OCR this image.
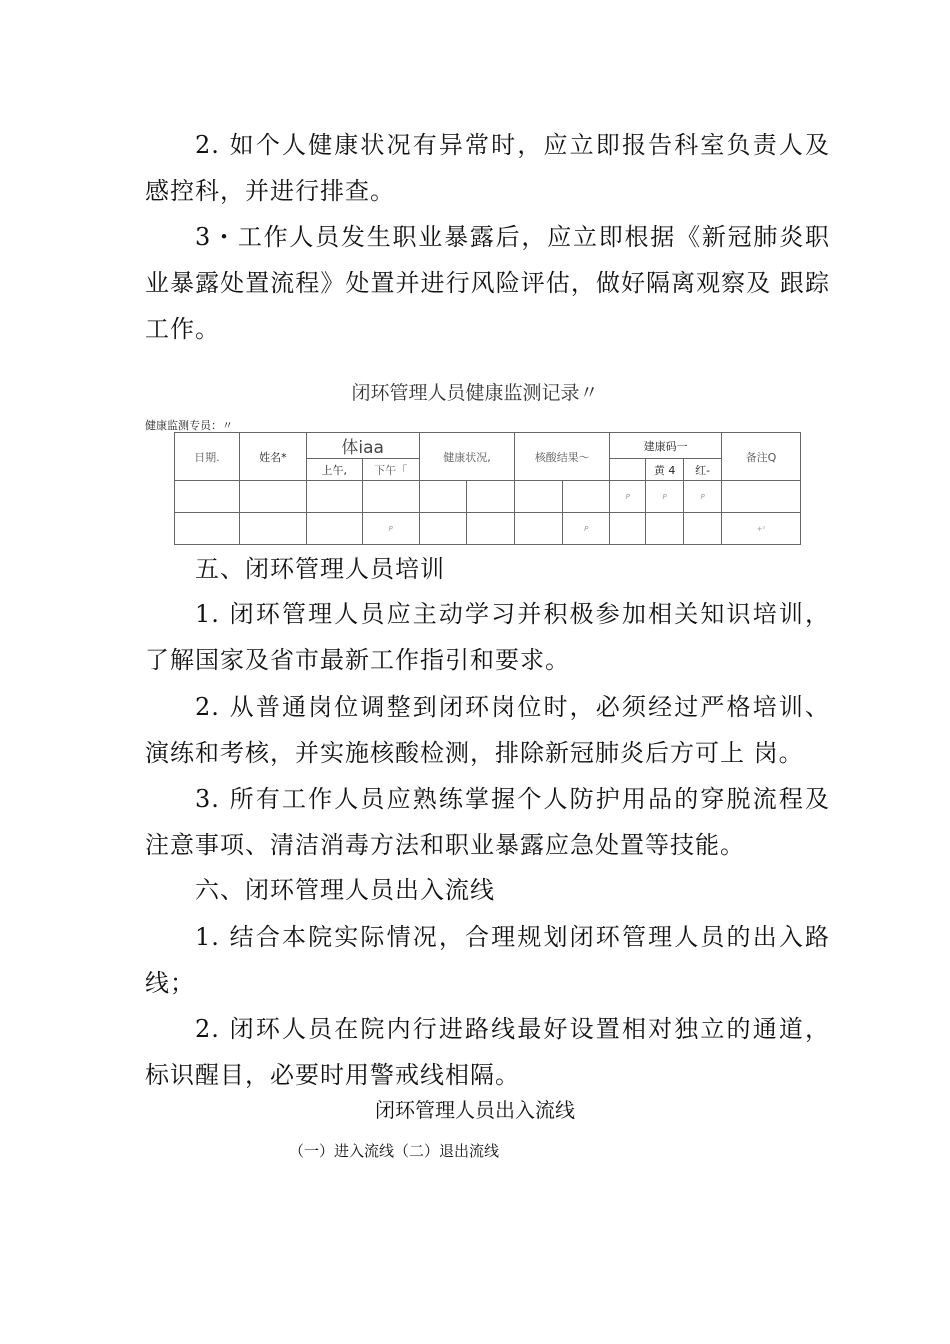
2. 如个人健康状况有异常时，应立即报告科室负责人及 感控科，并进行排查。

3・工作人员发生职业暴露后，应立即根据《新冠肺炎职 业暴露处置流程》处置并进行风险评估，做好隔离观察及 跟踪工作。

闭环管理人员健康监测记录〃
健康监测专员：〃
日期.	姓名*	体iaa		健康状况,		核酸结果〜		建康码一			备注Q
		上午,	下午「						黄 4	红-	
								P	P	P	
			P				P				+¹

五、闭环管理人员培训

1. 闭环管理人员应主动学习并积极参加相关知识培训， 了解国家及省市最新工作指引和要求。

2. 从普通岗位调整到闭环岗位时，必须经过严格培训、 演练和考核，并实施核酸检测，排除新冠肺炎后方可上 岗。

3. 所有工作人员应熟练掌握个人防护用品的穿脱流程及 注意事项、清洁消毒方法和职业暴露应急处置等技能。

六、闭环管理人员出入流线

1. 结合本院实际情况，合理规划闭环管理人员的出入路线；

2. 闭环人员在院内行进路线最好设置相对独立的通道， 标识醒目，必要时用警戒线相隔。

闭环管理人员出入流线
（一）进入流线（二）退出流线
